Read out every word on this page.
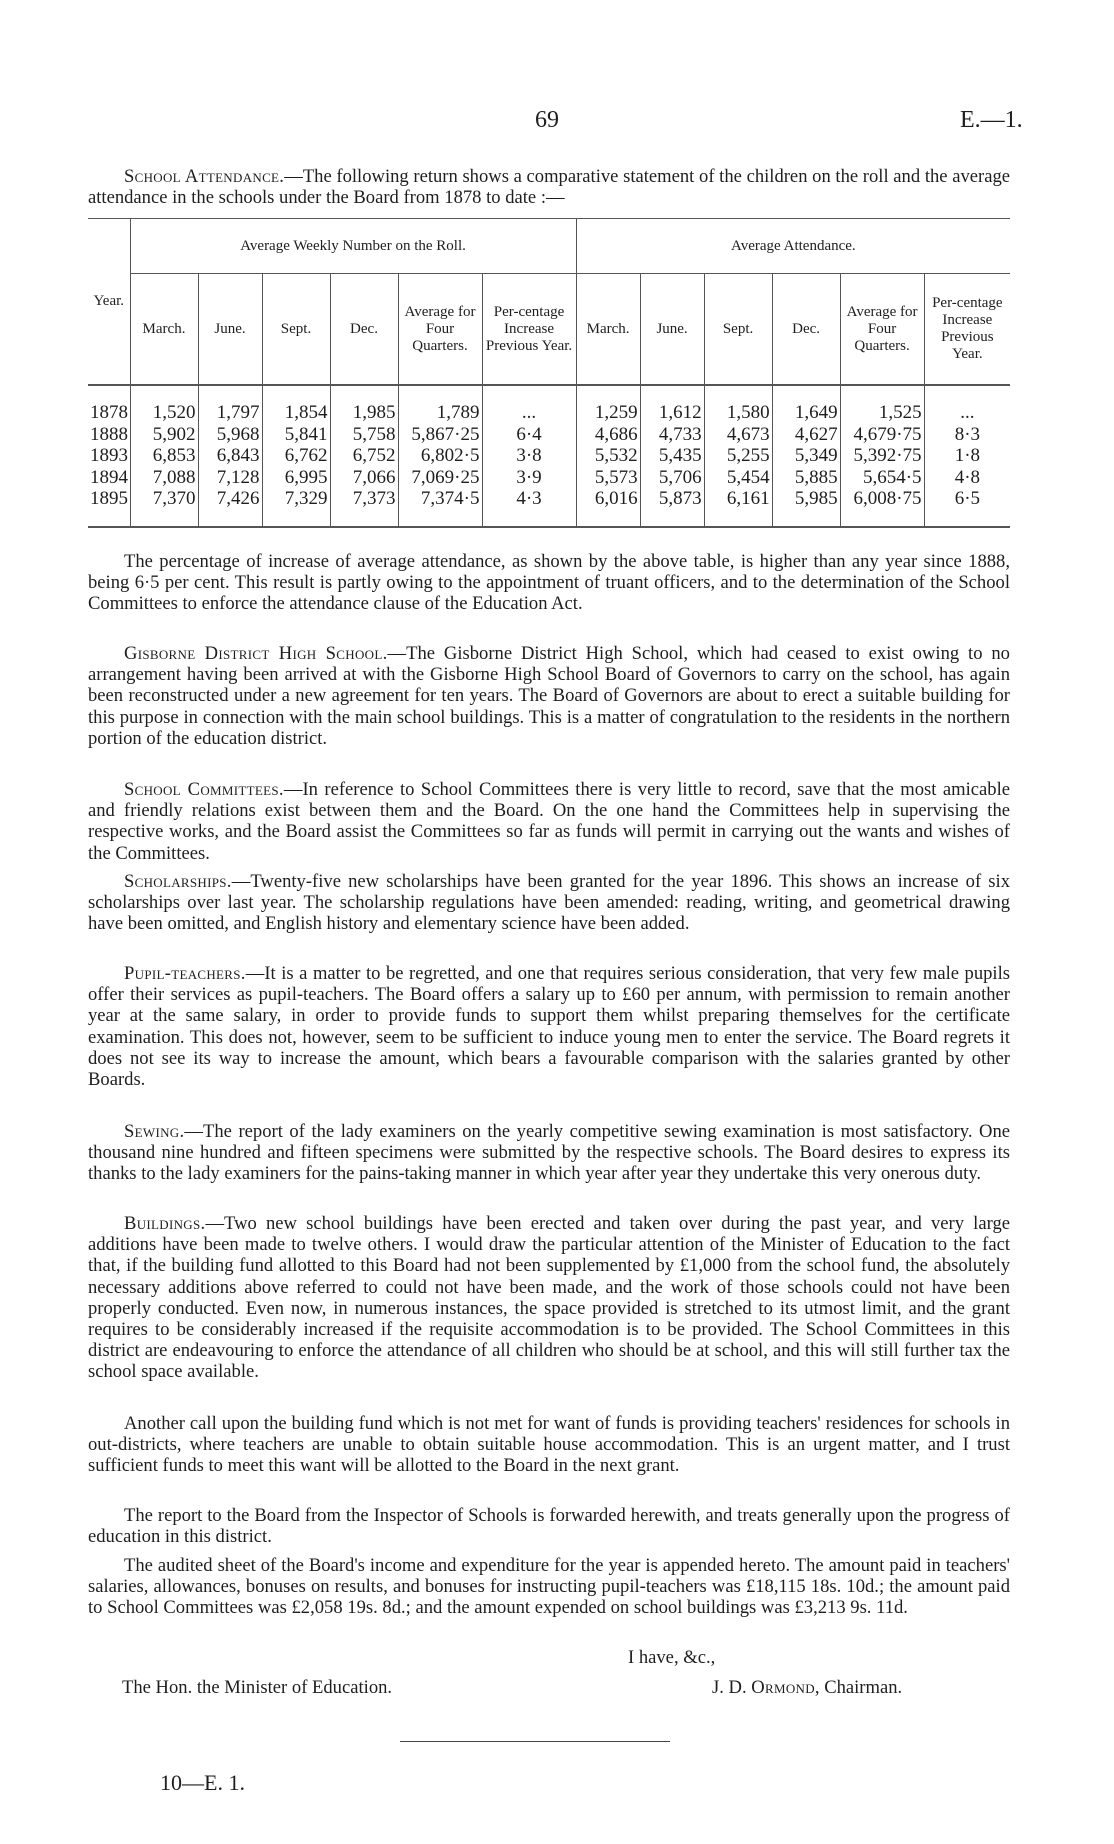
69	E.—1.

School Attendance.—The following return shows a comparative statement of the children on the roll and the average attendance in the schools under the Board from 1878 to date :—

Year.	Average Weekly Number on the Roll.						Average Attendance.					
	March.	June.	Sept.	Dec.	Average for Four Quarters.	Per-centage Increase Previous Year.	March.	June.	Sept.	Dec.	Average for Four Quarters.	Per-centage Increase Previous Year.
1878	1,520	1,797	1,854	1,985	1,789	...	1,259	1,612	1,580	1,649	1,525	...
1888	5,902	5,968	5,841	5,758	5,867·25	6·4	4,686	4,733	4,673	4,627	4,679·75	8·3
1893	6,853	6,843	6,762	6,752	6,802·5	3·8	5,532	5,435	5,255	5,349	5,392·75	1·8
1894	7,088	7,128	6,995	7,066	7,069·25	3·9	5,573	5,706	5,454	5,885	5,654·5	4·8
1895	7,370	7,426	7,329	7,373	7,374·5	4·3	6,016	5,873	6,161	5,985	6,008·75	6·5

The percentage of increase of average attendance, as shown by the above table, is higher than any year since 1888, being 6·5 per cent. This result is partly owing to the appointment of truant officers, and to the determination of the School Committees to enforce the attendance clause of the Education Act.

Gisborne District High School.—The Gisborne District High School, which had ceased to exist owing to no arrangement having been arrived at with the Gisborne High School Board of Governors to carry on the school, has again been reconstructed under a new agreement for ten years. The Board of Governors are about to erect a suitable building for this purpose in connection with the main school buildings. This is a matter of congratulation to the residents in the northern portion of the education district.

School Committees.—In reference to School Committees there is very little to record, save that the most amicable and friendly relations exist between them and the Board. On the one hand the Committees help in supervising the respective works, and the Board assist the Committees so far as funds will permit in carrying out the wants and wishes of the Committees.

Scholarships.—Twenty-five new scholarships have been granted for the year 1896. This shows an increase of six scholarships over last year. The scholarship regulations have been amended: reading, writing, and geometrical drawing have been omitted, and English history and elementary science have been added.

Pupil-teachers.—It is a matter to be regretted, and one that requires serious consideration, that very few male pupils offer their services as pupil-teachers. The Board offers a salary up to £60 per annum, with permission to remain another year at the same salary, in order to provide funds to support them whilst preparing themselves for the certificate examination. This does not, however, seem to be sufficient to induce young men to enter the service. The Board regrets it does not see its way to increase the amount, which bears a favourable comparison with the salaries granted by other Boards.

Sewing.—The report of the lady examiners on the yearly competitive sewing examination is most satisfactory. One thousand nine hundred and fifteen specimens were submitted by the respective schools. The Board desires to express its thanks to the lady examiners for the pains-taking manner in which year after year they undertake this very onerous duty.

Buildings.—Two new school buildings have been erected and taken over during the past year, and very large additions have been made to twelve others. I would draw the particular attention of the Minister of Education to the fact that, if the building fund allotted to this Board had not been supplemented by £1,000 from the school fund, the absolutely necessary additions above referred to could not have been made, and the work of those schools could not have been properly conducted. Even now, in numerous instances, the space provided is stretched to its utmost limit, and the grant requires to be considerably increased if the requisite accommodation is to be provided. The School Committees in this district are endeavouring to enforce the attendance of all children who should be at school, and this will still further tax the school space available.

Another call upon the building fund which is not met for want of funds is providing teachers' residences for schools in out-districts, where teachers are unable to obtain suitable house accommodation. This is an urgent matter, and I trust sufficient funds to meet this want will be allotted to the Board in the next grant.

The report to the Board from the Inspector of Schools is forwarded herewith, and treats generally upon the progress of education in this district.

The audited sheet of the Board's income and expenditure for the year is appended hereto. The amount paid in teachers' salaries, allowances, bonuses on results, and bonuses for instructing pupil-teachers was £18,115 18s. 10d.; the amount paid to School Committees was £2,058 19s. 8d.; and the amount expended on school buildings was £3,213 9s. 11d.

I have, &c.,
The Hon. the Minister of Education.	J. D. Ormond, Chairman.
10—E. 1.
